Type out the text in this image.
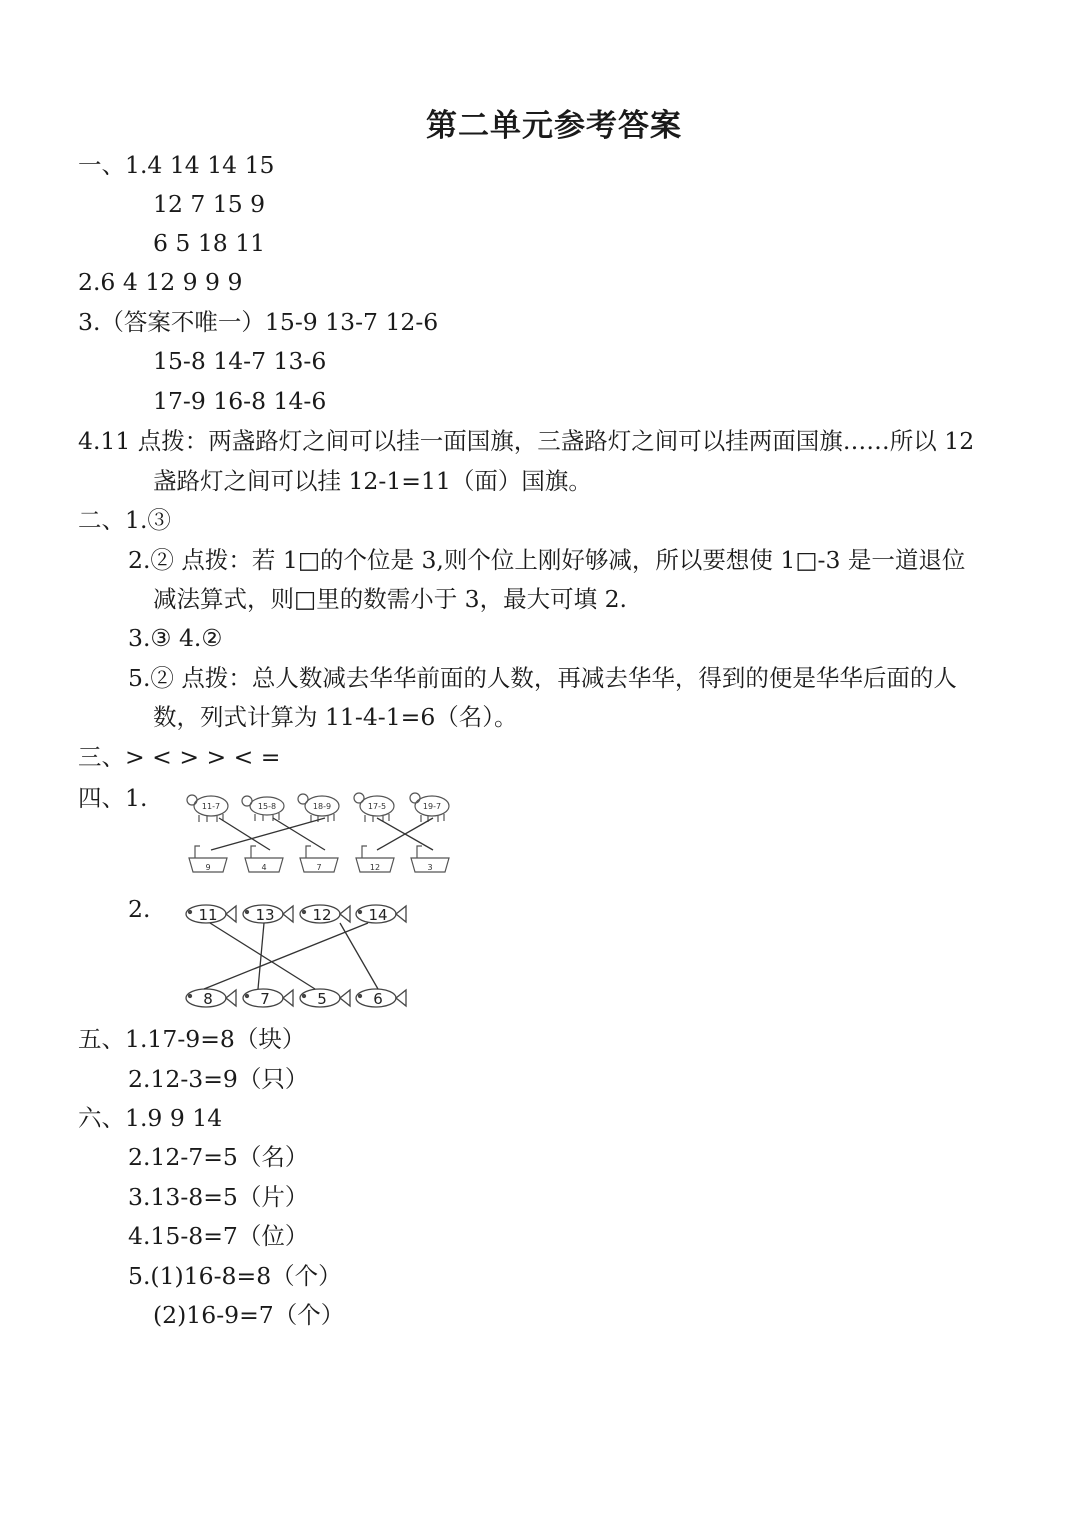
第二单元参考答案
一、1.4 14 14 15
12 7 15 9
6 5 18 11
2.6 4 12 9 9 9
3.（答案不唯一）15-9 13-7 12-6
15-8 14-7 13-6
17-9 16-8 14-6
4.11 点拨：两盏路灯之间可以挂一面国旗，三盏路灯之间可以挂两面国旗……所以 12
盏路灯之间可以挂 12-1=11（面）国旗。
二、1.③
2.② 点拨：若 1□的个位是 3,则个位上刚好够减，所以要想使 1□-3 是一道退位
减法算式，则□里的数需小于 3，最大可填 2.
3.③ 4.②
5.② 点拨：总人数减去华华前面的人数，再减去华华，得到的便是华华后面的人
数，列式计算为 11-4-1=6（名）。
三、> < > > < =
四、1.
2.
五、1.17-9=8（块）
2.12-3=9（只）
六、1.9 9 14
2.12-7=5（名）
3.13-8=5（片）
4.15-8=7（位）
5.(1)16-8=8（个）
(2)16-9=7（个）
11-7	15-8	18-9	17-5	19-7
9	4	7	12	3
11	13	12 14
8	7	5	6
